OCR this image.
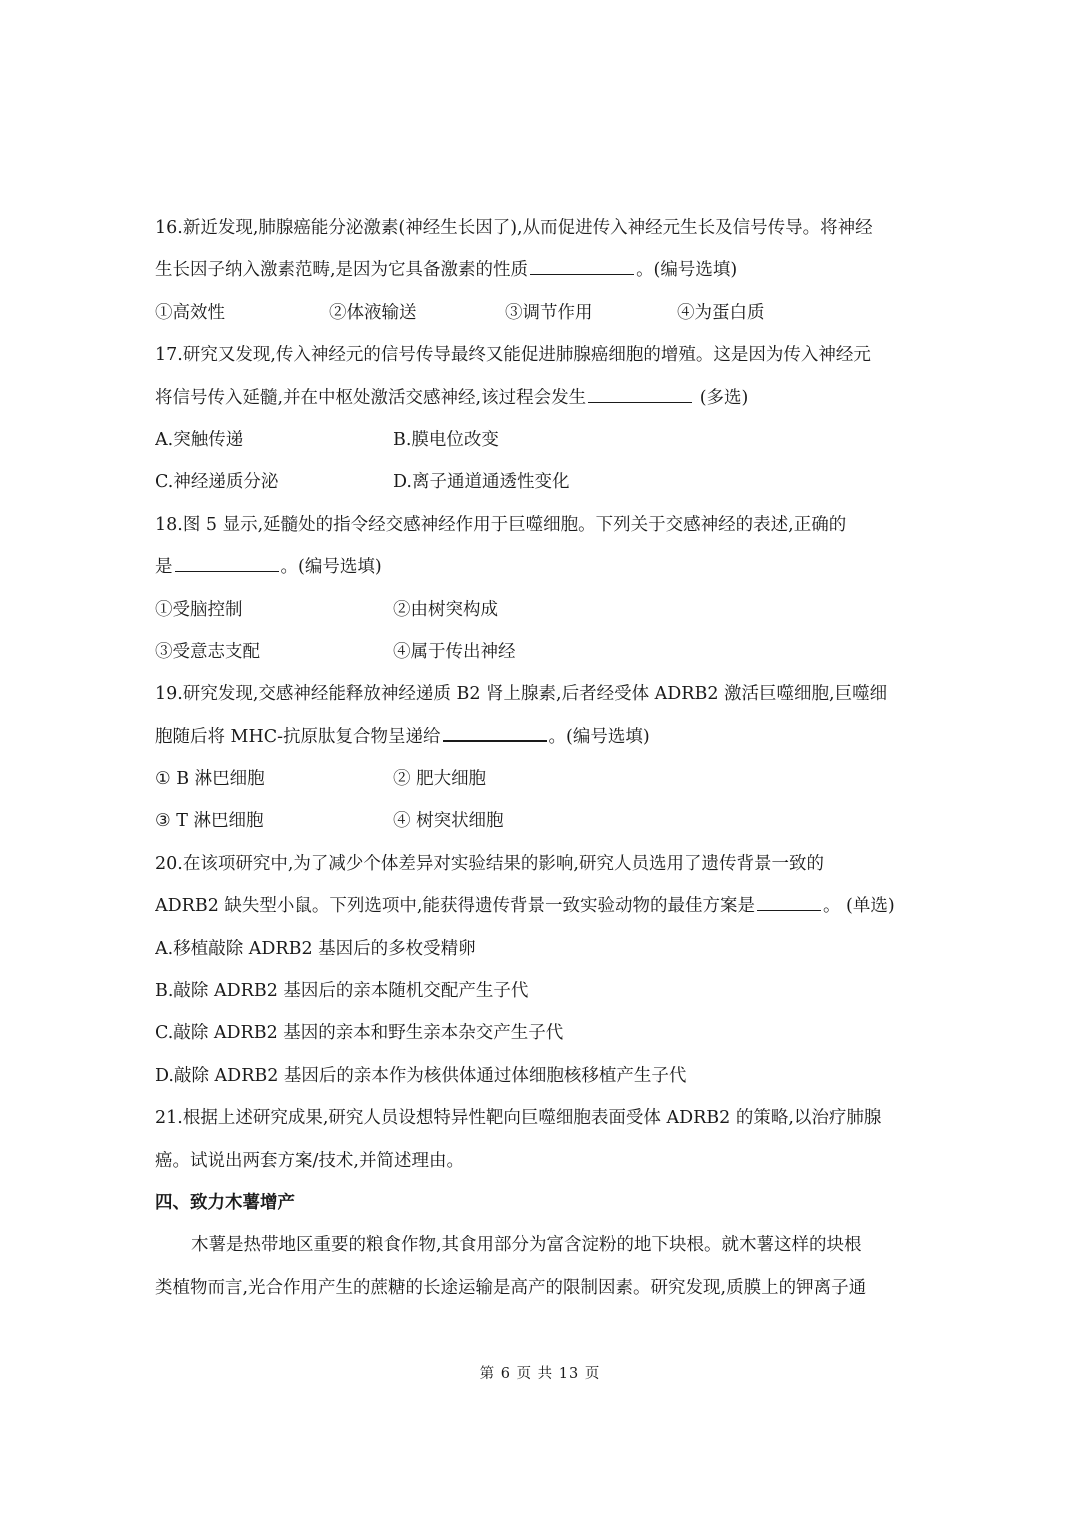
16.新近发现,肺腺癌能分泌激素(神经生长因了),从而促进传入神经元生长及信号传导。将神经
生长因子纳入激素范畴,是因为它具备激素的性质	。(编号选填)
①高效性	②体液输送	③调节作用	④为蛋白质
17.研究又发现,传入神经元的信号传导最终又能促进肺腺癌细胞的增殖。这是因为传入神经元
将信号传入延髓,并在中枢处激活交感神经,该过程会发生	(多选)
A.突触传递	B.膜电位改变
C.神经递质分泌	D.离子通道通透性变化
18.图 5 显示,延髓处的指令经交感神经作用于巨噬细胞。下列关于交感神经的表述,正确的
是	。(编号选填)
①受脑控制	②由树突构成
③受意志支配	④属于传出神经
19.研究发现,交感神经能释放神经递质 B2 肾上腺素,后者经受体 ADRB2 激活巨噬细胞,巨噬细
胞随后将 MHC-抗原肽复合物呈递给	。(编号选填)
① B 淋巴细胞	② 肥大细胞
③ T 淋巴细胞	④ 树突状细胞
20.在该项研究中,为了减少个体差异对实验结果的影响,研究人员选用了遗传背景一致的
ADRB2 缺失型小鼠。下列选项中,能获得遗传背景一致实验动物的最佳方案是	。 (单选)
A.移植敲除 ADRB2 基因后的多枚受精卵
B.敲除 ADRB2 基因后的亲本随机交配产生子代
C.敲除 ADRB2 基因的亲本和野生亲本杂交产生子代
D.敲除 ADRB2 基因后的亲本作为核供体通过体细胞核移植产生子代
21.根据上述研究成果,研究人员设想特异性靶向巨噬细胞表面受体 ADRB2 的策略,以治疗肺腺
癌。试说出两套方案/技术,并简述理由。
四、致力木薯增产
木薯是热带地区重要的粮食作物,其食用部分为富含淀粉的地下块根。就木薯这样的块根
类植物而言,光合作用产生的蔗糖的长途运输是高产的限制因素。研究发现,质膜上的钾离子通
第 6 页 共 13 页
